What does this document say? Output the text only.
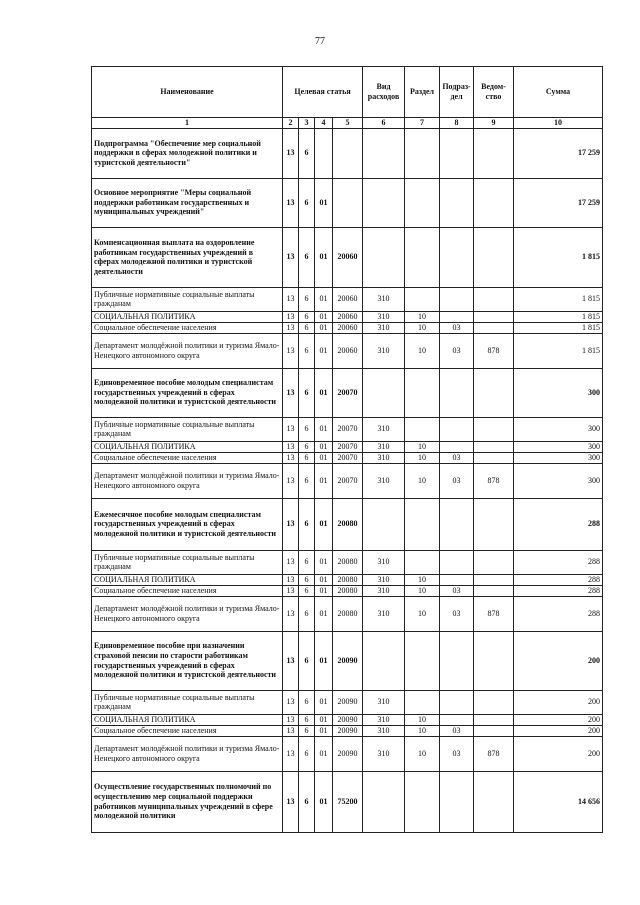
77
Наименование	Целевая статья				Вид расходов	Раздел	Подраз-дел	Ведом-ство	Сумма
1	2	3	4	5	6	7	8	9	10
Подпрограмма "Обеспечение мер социальной поддержки в сферах молодежной политики и туристской деятельности"	13	6							17 259
Основное мероприятие "Меры социальной поддержки работникам государственных и муниципальных учреждений"	13	6	01						17 259
Компенсационная выплата на оздоровление работникам государственных учреждений в сферах молодежной политики и туристской деятельности	13	6	01	20060					1 815
Публичные нормативные социальные выплаты гражданам	13	6	01	20060	310				1 815
СОЦИАЛЬНАЯ ПОЛИТИКА	13	6	01	20060	310	10			1 815
Социальное обеспечение населения	13	6	01	20060	310	10	03		1 815
Департамент молодёжной политики и туризма Ямало-Ненецкого автономного округа	13	6	01	20060	310	10	03	878	1 815
Единовременное пособие молодым специалистам государственных учреждений в сферах молодежной политики и туристской деятельности	13	6	01	20070					300
Публичные нормативные социальные выплаты гражданам	13	6	01	20070	310				300
СОЦИАЛЬНАЯ ПОЛИТИКА	13	6	01	20070	310	10			300
Социальное обеспечение населения	13	6	01	20070	310	10	03		300
Департамент молодёжной политики и туризма Ямало-Ненецкого автономного округа	13	6	01	20070	310	10	03	878	300
Ежемесячное пособие молодым специалистам государственных учреждений в сферах молодежной политики и туристской деятельности	13	6	01	20080					288
Публичные нормативные социальные выплаты гражданам	13	6	01	20080	310				288
СОЦИАЛЬНАЯ ПОЛИТИКА	13	6	01	20080	310	10			288
Социальное обеспечение населения	13	6	01	20080	310	10	03		288
Департамент молодёжной политики и туризма Ямало-Ненецкого автономного округа	13	6	01	20080	310	10	03	878	288
Единовременное пособие при назначении страховой пенсии по старости работникам государственных учреждений в сферах молодежной политики и туристской деятельности	13	6	01	20090					200
Публичные нормативные социальные выплаты гражданам	13	6	01	20090	310				200
СОЦИАЛЬНАЯ ПОЛИТИКА	13	6	01	20090	310	10			200
Социальное обеспечение населения	13	6	01	20090	310	10	03		200
Департамент молодёжной политики и туризма Ямало-Ненецкого автономного округа	13	6	01	20090	310	10	03	878	200
Осуществление государственных полномочий по осуществлению мер социальной поддержки работников муниципальных учреждений в сфере молодежной политики	13	6	01	75200					14 656
